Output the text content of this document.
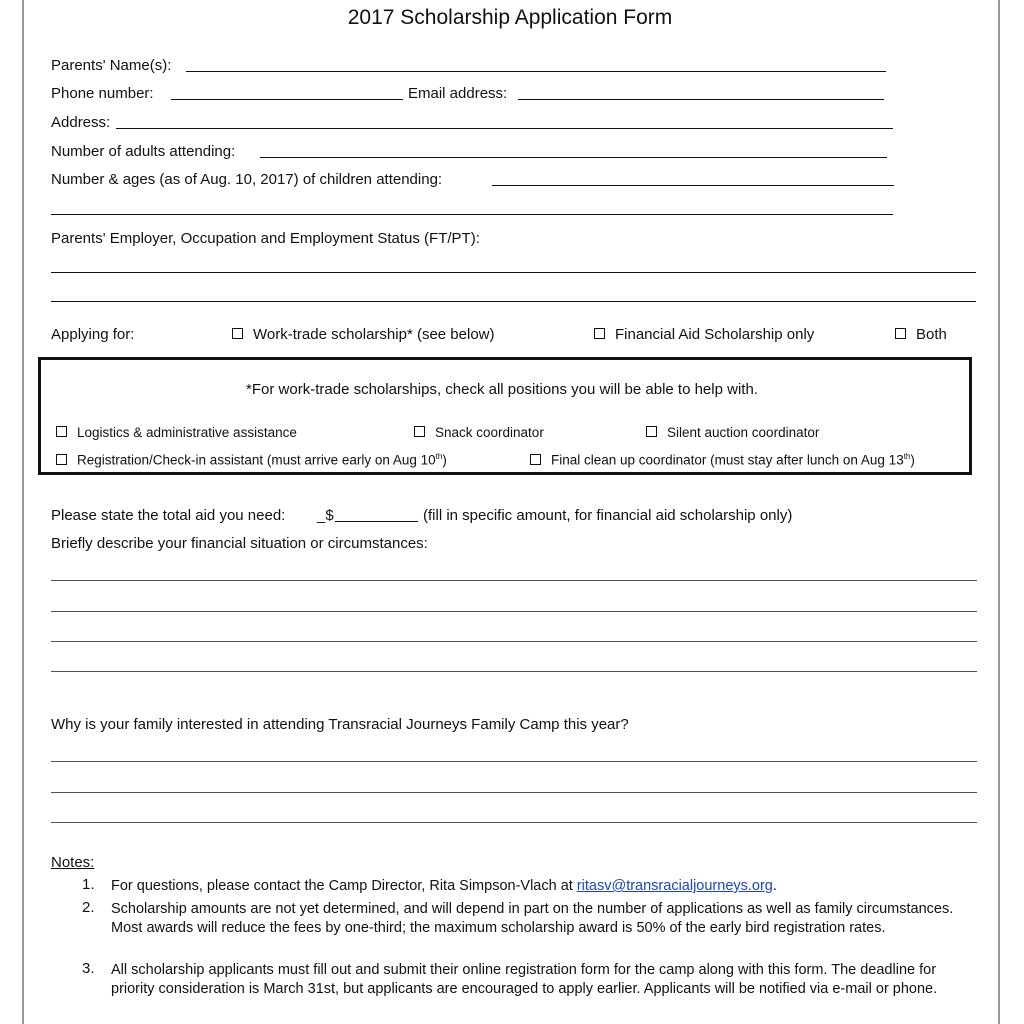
2017 Scholarship Application Form
Parents' Name(s):
Phone number:	Email address:
Address:
Number of adults attending:
Number & ages (as of Aug. 10, 2017) of children attending:
Parents' Employer, Occupation and Employment Status (FT/PT):
Applying for:	Work-trade scholarship* (see below)	Financial Aid Scholarship only	Both
*For work-trade scholarships, check all positions you will be able to help with.
Logistics & administrative assistance	Snack coordinator	Silent auction coordinator
Registration/Check-in assistant (must arrive early on Aug 10th)	Final clean up coordinator (must stay after lunch on Aug 13th)
Please state the total aid you need: _$	(fill in specific amount, for financial aid scholarship only)
Briefly describe your financial situation or circumstances:
Why is your family interested in attending Transracial Journeys Family Camp this year?
Notes:
1. For questions, please contact the Camp Director, Rita Simpson-Vlach at ritasv@transracialjourneys.org.
2. Scholarship amounts are not yet determined, and will depend in part on the number of applications as well as family circumstances. Most awards will reduce the fees by one-third; the maximum scholarship award is 50% of the early bird registration rates.
3. All scholarship applicants must fill out and submit their online registration form for the camp along with this form. The deadline for priority consideration is March 31st, but applicants are encouraged to apply earlier. Applicants will be notified via e-mail or phone.
